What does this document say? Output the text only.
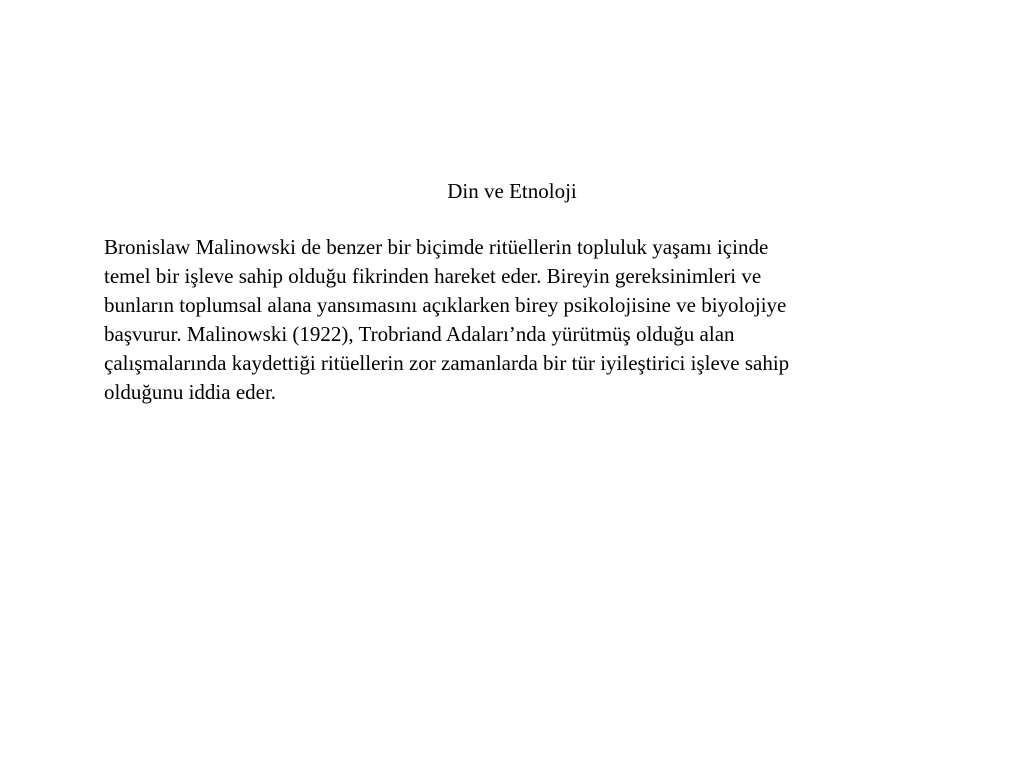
Din ve Etnoloji

Bronislaw Malinowski de benzer bir biçimde ritüellerin topluluk yaşamı içinde
temel bir işleve sahip olduğu fikrinden hareket eder. Bireyin gereksinimleri ve
bunların toplumsal alana yansımasını açıklarken birey psikolojisine ve biyolojiye
başvurur. Malinowski (1922), Trobriand Adaları’nda yürütmüş olduğu alan
çalışmalarında kaydettiği ritüellerin zor zamanlarda bir tür iyileştirici işleve sahip
olduğunu iddia eder.
